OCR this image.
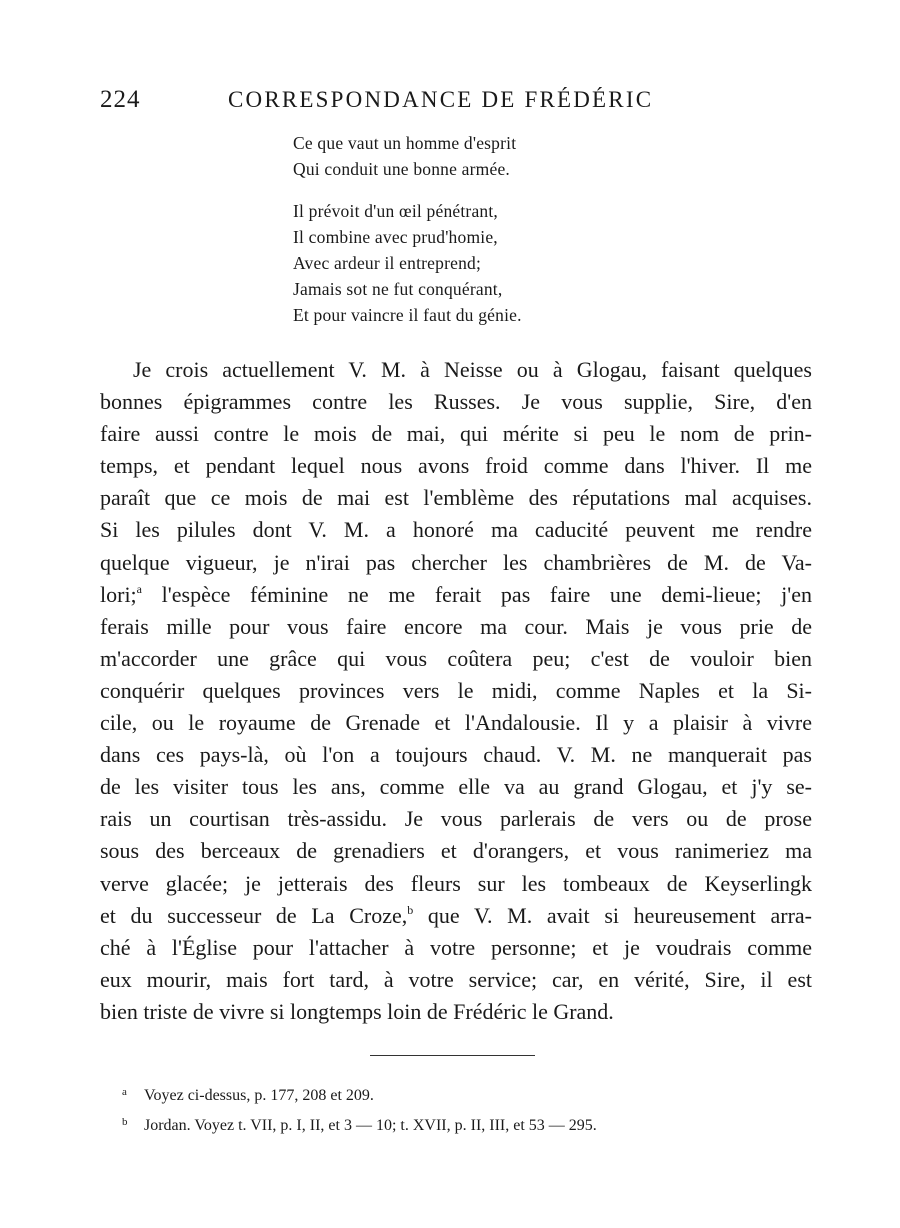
224	CORRESPONDANCE DE FRÉDÉRIC

Ce que vaut un homme d'esprit
Qui conduit une bonne armée.

Il prévoit d'un œil pénétrant,
Il combine avec prud'homie,
Avec ardeur il entreprend;
Jamais sot ne fut conquérant,
Et pour vaincre il faut du génie.

Je crois actuellement V. M. à Neisse ou à Glogau, faisant quelques
bonnes épigrammes contre les Russes. Je vous supplie, Sire, d'en
faire aussi contre le mois de mai, qui mérite si peu le nom de prin-
temps, et pendant lequel nous avons froid comme dans l'hiver. Il me
paraît que ce mois de mai est l'emblème des réputations mal acquises.
Si les pilules dont V. M. a honoré ma caducité peuvent me rendre
quelque vigueur, je n'irai pas chercher les chambrières de M. de Va-
lori;$^a$ l'espèce féminine ne me ferait pas faire une demi-lieue; j'en
ferais mille pour vous faire encore ma cour. Mais je vous prie de
m'accorder une grâce qui vous coûtera peu; c'est de vouloir bien
conquérir quelques provinces vers le midi, comme Naples et la Si-
cile, ou le royaume de Grenade et l'Andalousie. Il y a plaisir à vivre
dans ces pays-là, où l'on a toujours chaud. V. M. ne manquerait pas
de les visiter tous les ans, comme elle va au grand Glogau, et j'y se-
rais un courtisan très-assidu. Je vous parlerais de vers ou de prose
sous des berceaux de grenadiers et d'orangers, et vous ranimeriez ma
verve glacée; je jetterais des fleurs sur les tombeaux de Keyserlingk
et du successeur de La Croze,$^b$ que V. M. avait si heureusement arra-
ché à l'Église pour l'attacher à votre personne; et je voudrais comme
eux mourir, mais fort tard, à votre service; car, en vérité, Sire, il est
bien triste de vivre si longtemps loin de Frédéric le Grand.
a Voyez ci-dessus, p. 177, 208 et 209.
b Jordan. Voyez t. VII, p. I, II, et 3 — 10; t. XVII, p. II, III, et 53 — 295.
